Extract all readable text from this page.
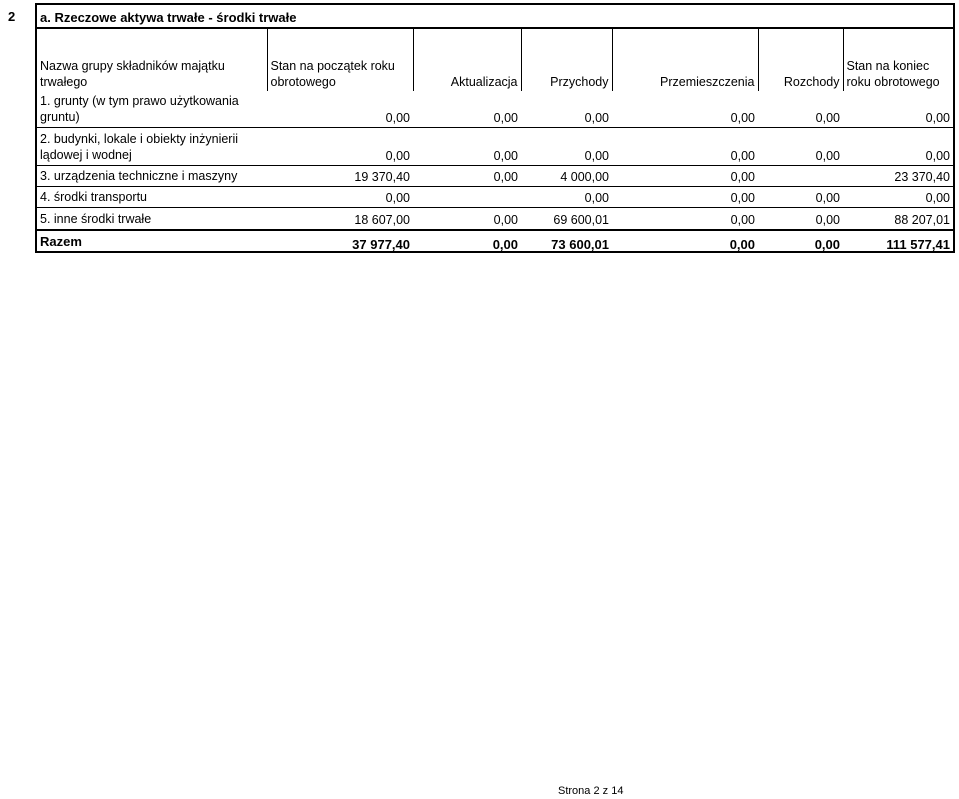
2 a. Rzeczowe aktywa trwałe - środki trwałe
Nazwa grupy składników majątku trwałego	Stan na początek roku obrotowego	Aktualizacja	Przychody	Przemieszczenia	Rozchody	Stan na koniec roku obrotowego
1. grunty (w tym prawo użytkowania gruntu)	0,00	0,00	0,00	0,00	0,00	0,00
2. budynki, lokale i obiekty inżynierii lądowej i wodnej	0,00	0,00	0,00	0,00	0,00	0,00
3. urządzenia techniczne i maszyny	19 370,40	0,00	4 000,00	0,00		23 370,40
4. środki transportu	0,00		0,00	0,00	0,00	0,00
5. inne środki trwałe	18 607,00	0,00	69 600,01	0,00	0,00	88 207,01
Razem	37 977,40	0,00	73 600,01	0,00	0,00	111 577,41
Strona 2 z 14
